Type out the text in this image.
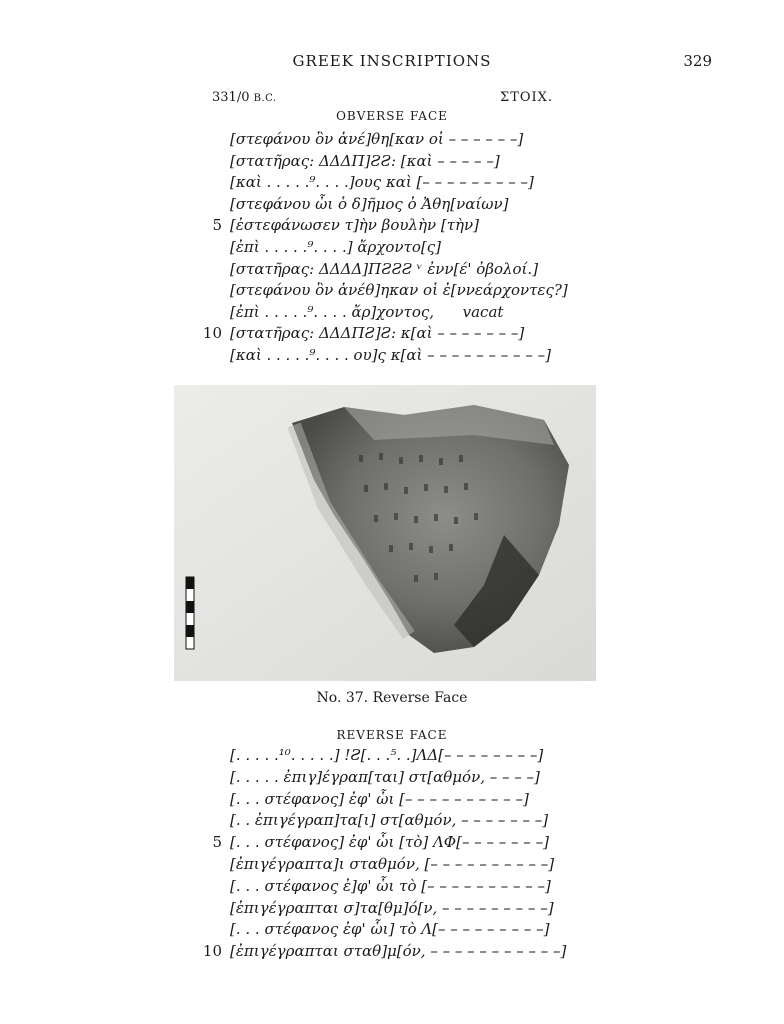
GREEK INSCRIPTIONS	329
331/0 B.C.	ΣΤΟΙΧ.
OBVERSE FACE
[στεφάνου ὃν ἀνέ]θη[καν οἱ – – – – – –]
[στατῆρας: ΔΔΔΠ]ƧƧ: [καὶ – – – – –]
[καὶ . . . . .⁹. . . .]ους καὶ [– – – – – – – – –]
[στεφάνου ὧι ὁ δ]ῆμος ὁ Ἀθη[ναίων]
5 [ἐστεφάνωσεν τ]ὴν βουλὴν [τὴν]
[ἐπὶ . . . . .⁹. . . .] ἄρχοντο[ς]
[στατῆρας: ΔΔΔΔ]ΠƧƧƧ ᵛ ἐνν[έ' ὀβολοί.]
[στεφάνου ὃν ἀνέθ]ηκαν οἱ ἐ[ννεάρχοντες?]
[ἐπὶ . . . . .⁹. . . . ἄρ]χοντος,      vacat
10 [στατῆρας: ΔΔΔΠƧ]Ƨ: κ[αὶ – – – – – – –]
[καὶ . . . . .⁹. . . . ου]ς κ[αὶ – – – – – – – – – –]
No. 37. Reverse Face
REVERSE FACE
[. . . . .¹⁰. . . . .] !Ƨ[. . .⁵. .]ΛΔ[– – – – – – – –]
[. . . . . ἐπιγ]έγραπ[ται] στ[αθμόν, – – – –]
[. . . στέφανος] ἐφ' ὧι [– – – – – – – – – –]
[. . ἐπιγέγραπ]τα[ι] στ[αθμόν, – – – – – – –]
5 [. . . στέφανος] ἐφ' ὧι [τὸ] ΛΦ[– – – – – – –]
[ἐπιγέγραπτα]ι σταθμόν, [– – – – – – – – – –]
[. . . στέφανος ἐ]φ' ὧι τὸ [– – – – – – – – – –]
[ἐπιγέγραπται σ]τα[θμ]ό[ν, – – – – – – – – –]
[. . . στέφανος ἐφ' ὧι] τὸ Λ[– – – – – – – – –]
10 [ἐπιγέγραπται σταθ]μ[όν, – – – – – – – – – – –]
